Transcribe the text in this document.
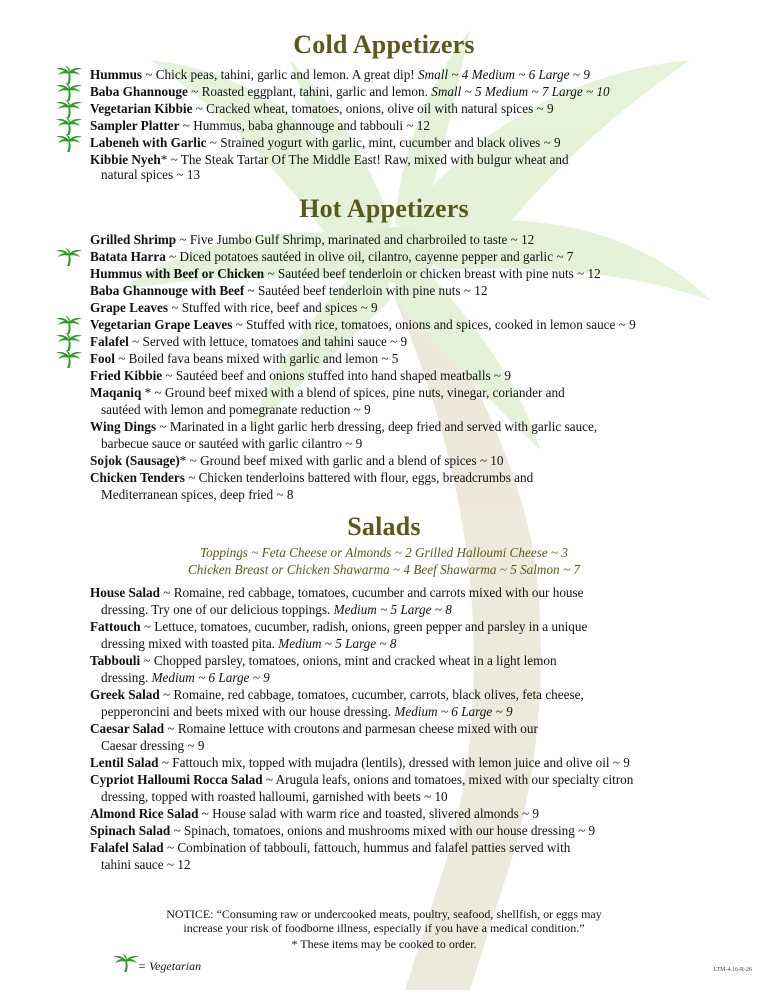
Cold Appetizers
Hummus ~ Chick peas, tahini, garlic and lemon. A great dip! Small ~ 4 Medium ~ 6 Large ~ 9
Baba Ghannouge ~ Roasted eggplant, tahini, garlic and lemon. Small ~ 5 Medium ~ 7 Large ~ 10
Vegetarian Kibbie ~ Cracked wheat, tomatoes, onions, olive oil with natural spices ~ 9
Sampler Platter ~ Hummus, baba ghannouge and tabbouli ~ 12
Labeneh with Garlic ~ Strained yogurt with garlic, mint, cucumber and black olives ~ 9
Kibbie Nyeh* ~ The Steak Tartar Of The Middle East! Raw, mixed with bulgur wheat and
natural spices ~ 13
Hot Appetizers
Grilled Shrimp ~ Five Jumbo Gulf Shrimp, marinated and charbroiled to taste ~ 12
Batata Harra ~ Diced potatoes sautéed in olive oil, cilantro, cayenne pepper and garlic ~ 7
Hummus with Beef or Chicken ~ Sautéed beef tenderloin or chicken breast with pine nuts ~ 12
Baba Ghannouge with Beef ~ Sautéed beef tenderloin with pine nuts ~ 12
Grape Leaves ~ Stuffed with rice, beef and spices ~ 9
Vegetarian Grape Leaves ~ Stuffed with rice, tomatoes, onions and spices, cooked in lemon sauce ~ 9
Falafel ~ Served with lettuce, tomatoes and tahini sauce ~ 9
Fool ~ Boiled fava beans mixed with garlic and lemon ~ 5
Fried Kibbie ~ Sautéed beef and onions stuffed into hand shaped meatballs ~ 9
Maqaniq * ~ Ground beef mixed with a blend of spices, pine nuts, vinegar, coriander and
sautéed with lemon and pomegranate reduction ~ 9
Wing Dings ~ Marinated in a light garlic herb dressing, deep fried and served with garlic sauce,
barbecue sauce or sautéed with garlic cilantro ~ 9
Sojok (Sausage)* ~ Ground beef mixed with garlic and a blend of spices ~ 10
Chicken Tenders ~ Chicken tenderloins battered with flour, eggs, breadcrumbs and
Mediterranean spices, deep fried ~ 8
Salads
Toppings ~ Feta Cheese or Almonds ~ 2 Grilled Halloumi Cheese ~ 3
Chicken Breast or Chicken Shawarma ~ 4 Beef Shawarma ~ 5 Salmon ~ 7
House Salad ~ Romaine, red cabbage, tomatoes, cucumber and carrots mixed with our house
dressing. Try one of our delicious toppings. Medium ~ 5 Large ~ 8
Fattouch ~ Lettuce, tomatoes, cucumber, radish, onions, green pepper and parsley in a unique
dressing mixed with toasted pita. Medium ~ 5 Large ~ 8
Tabbouli ~ Chopped parsley, tomatoes, onions, mint and cracked wheat in a light lemon
dressing. Medium ~ 6 Large ~ 9
Greek Salad ~ Romaine, red cabbage, tomatoes, cucumber, carrots, black olives, feta cheese,
pepperoncini and beets mixed with our house dressing. Medium ~ 6 Large ~ 9
Caesar Salad ~ Romaine lettuce with croutons and parmesan cheese mixed with our
Caesar dressing ~ 9
Lentil Salad ~ Fattouch mix, topped with mujadra (lentils), dressed with lemon juice and olive oil ~ 9
Cypriot Halloumi Rocca Salad ~ Arugula leafs, onions and tomatoes, mixed with our specialty citron
dressing, topped with roasted halloumi, garnished with beets ~ 10
Almond Rice Salad ~ House salad with warm rice and toasted, slivered almonds ~ 9
Spinach Salad ~ Spinach, tomatoes, onions and mushrooms mixed with our house dressing ~ 9
Falafel Salad ~ Combination of tabbouli, fattouch, hummus and falafel patties served with
tahini sauce ~ 12
NOTICE: “Consuming raw or undercooked meats, poultry, seafood, shellfish, or eggs may
increase your risk of foodborne illness, especially if you have a medical condition.”
* These items may be cooked to order.
= Vegetarian	LTM-4.16-R-26
